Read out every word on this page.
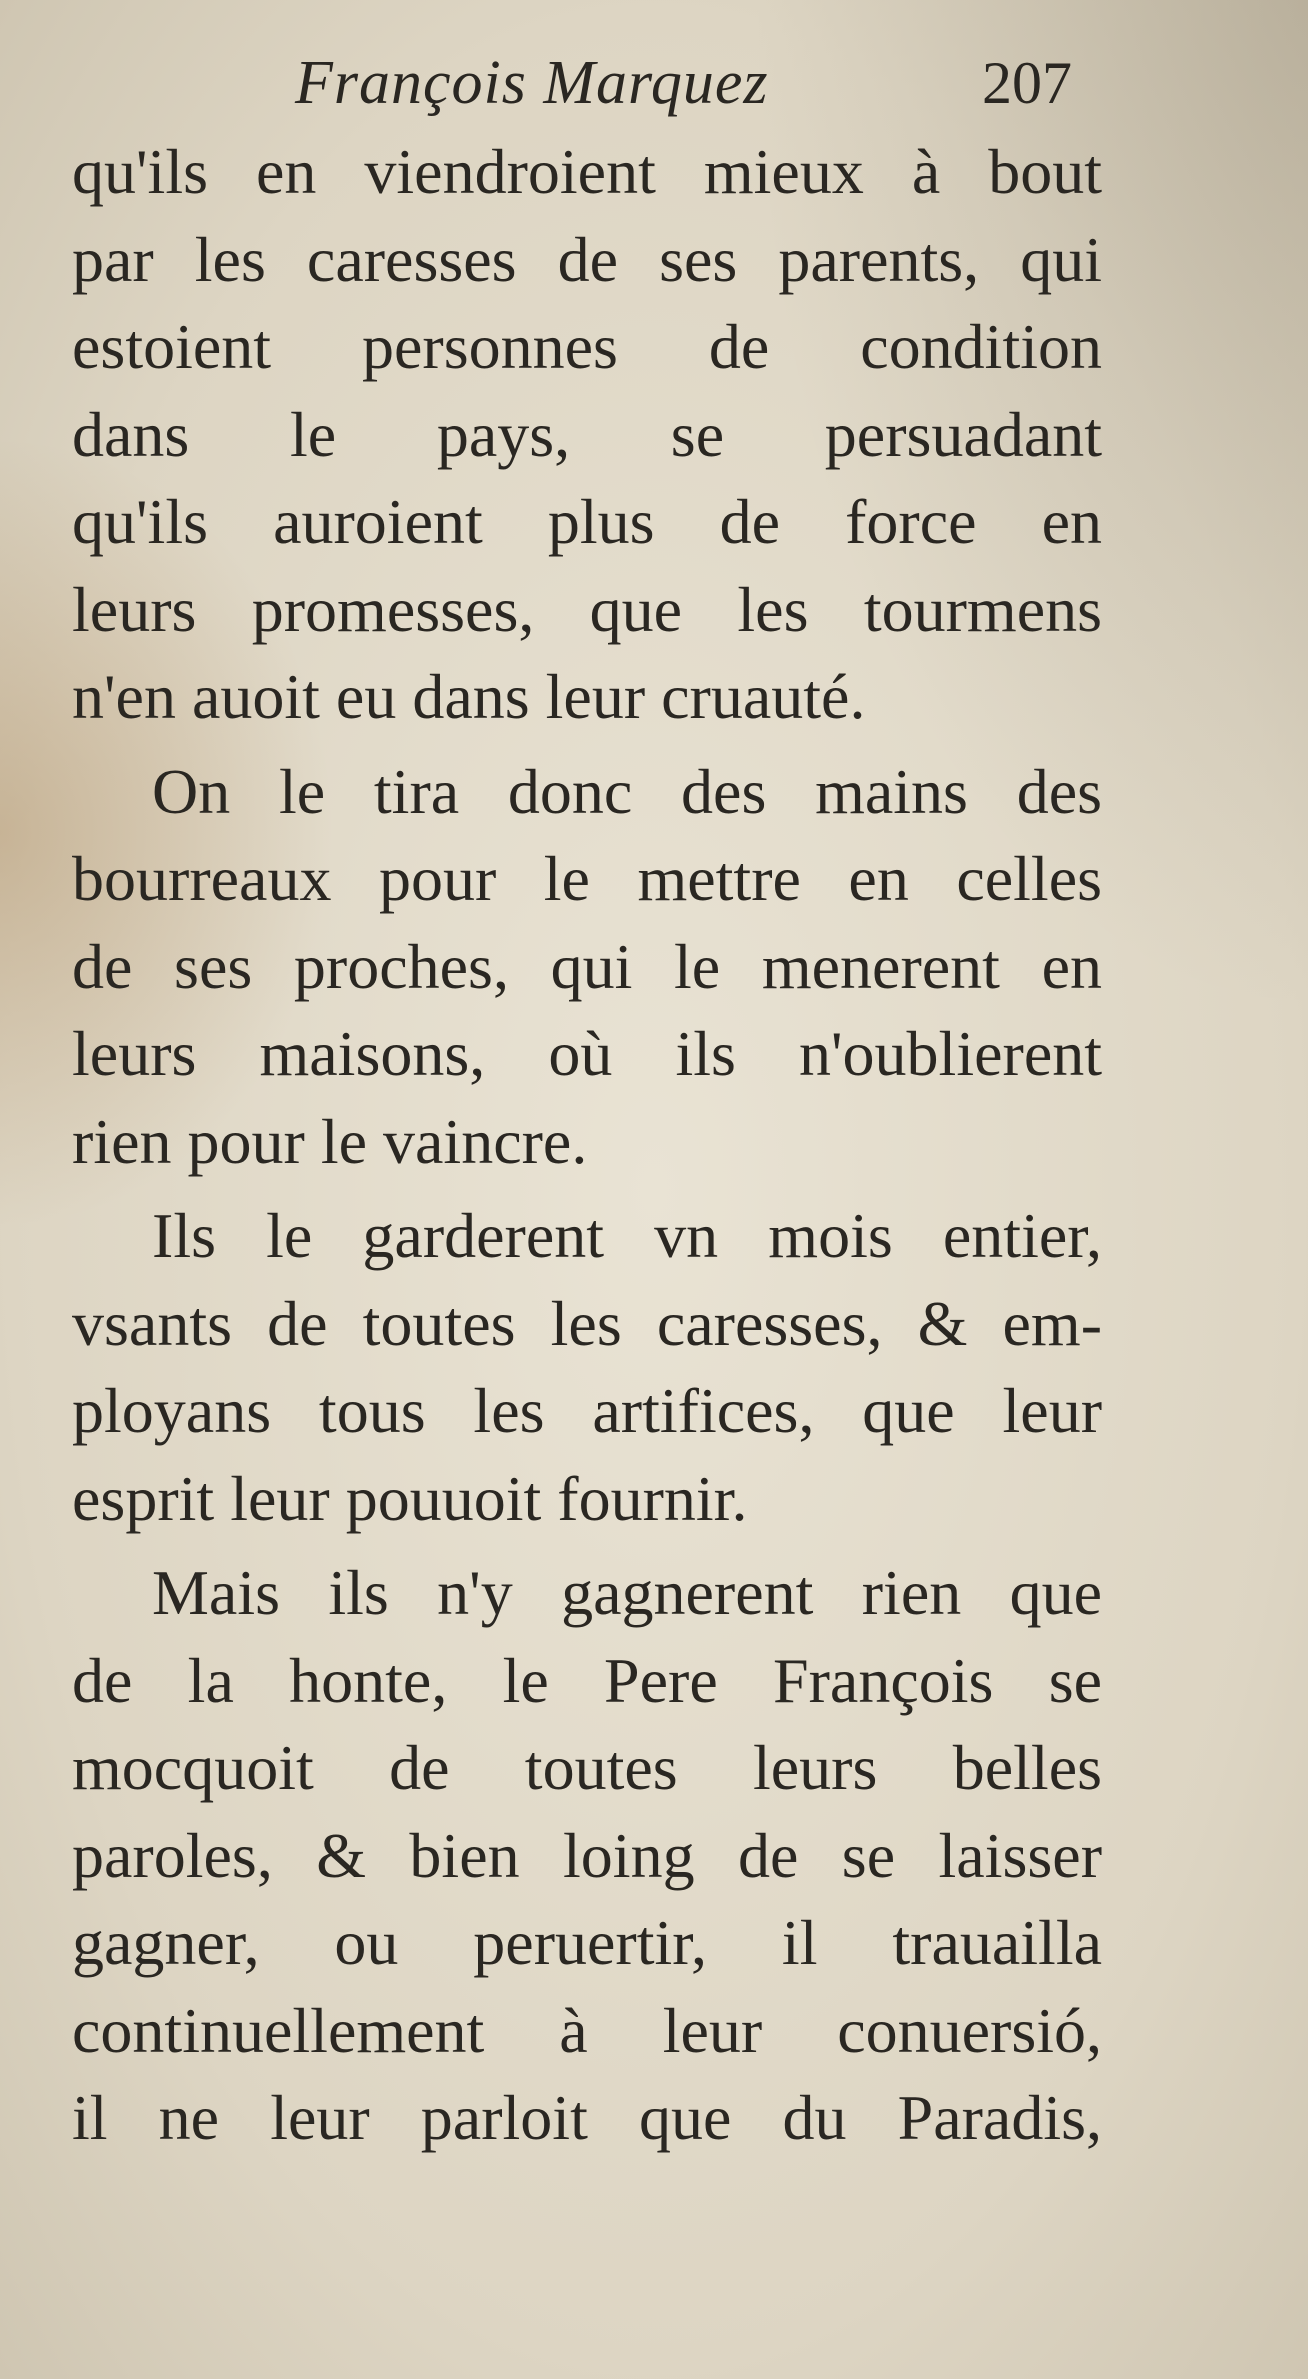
François Marquez	207
qu'ils en viendroient mieux à bout
par les caresses de ses parents, qui
estoient personnes de condition
dans le pays, se persuadant
qu'ils auroient plus de force en
leurs promesses, que les tourmens
n'en auoit eu dans leur cruauté.
On le tira donc des mains des
bourreaux pour le mettre en celles
de ses proches, qui le menerent en
leurs maisons, où ils n'oublierent
rien pour le vaincre.
Ils le garderent vn mois entier,
vsants de toutes les caresses, & em-
ployans tous les artifices, que leur
esprit leur pouuoit fournir.
Mais ils n'y gagnerent rien que
de la honte, le Pere François se
mocquoit de toutes leurs belles
paroles, & bien loing de se laisser
gagner, ou peruertir, il trauailla
continuellement à leur conuersió,
il ne leur parloit que du Paradis,
